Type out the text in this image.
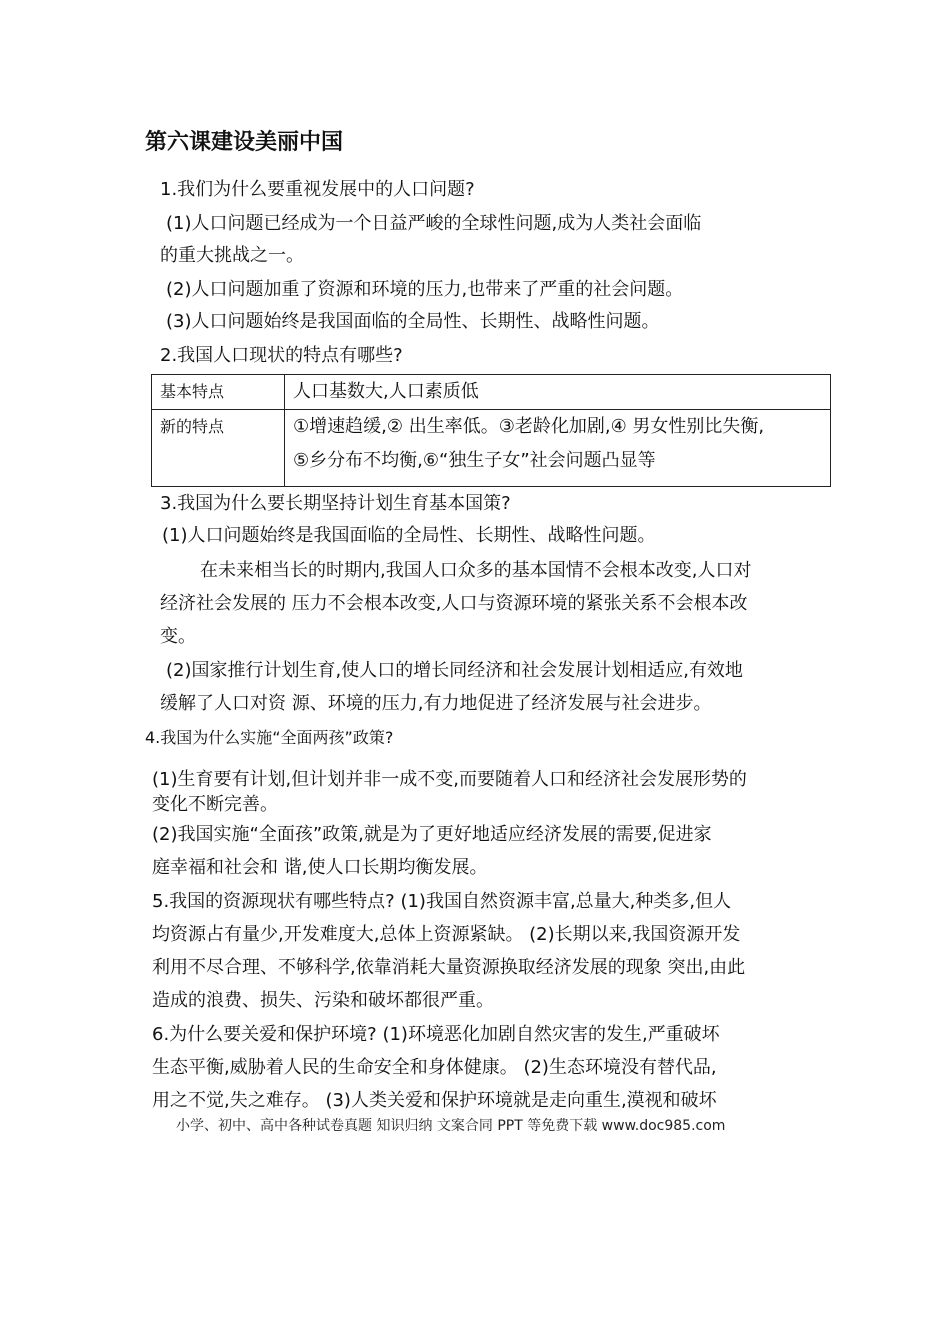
第六课建设美丽中国
1.我们为什么要重视发展中的人口问题?
(1)人口问题已经成为一个日益严峻的全球性问题,成为人类社会面临
的重大挑战之一。
(2)人口问题加重了资源和环境的压力,也带来了严重的社会问题。
(3)人口问题始终是我国面临的全局性、长期性、战略性问题。
2.我国人口现状的特点有哪些?
基本特点	人口基数大,人口素质低
新的特点	①增速趋缓,② 出生率低。③老龄化加剧,④ 男女性别比失衡,
⑤乡分布不均衡,⑥“独生子女”社会问题凸显等
3.我国为什么要长期坚持计划生育基本国策?
(1)人口问题始终是我国面临的全局性、长期性、战略性问题。
在未来相当长的时期内,我国人口众多的基本国情不会根本改变,人口对
经济社会发展的 压力不会根本改变,人口与资源环境的紧张关系不会根本改
变。
(2)国家推行计划生育,使人口的增长同经济和社会发展计划相适应,有效地
缓解了人口对资 源、环境的压力,有力地促进了经济发展与社会进步。
4.我国为什么实施“全面两孩”政策?
(1)生育要有计划,但计划并非一成不变,而要随着人口和经济社会发展形势的
变化不断完善。
(2)我国实施“全面孩”政策,就是为了更好地适应经济发展的需要,促进家
庭幸福和社会和 谐,使人口长期均衡发展。
5.我国的资源现状有哪些特点? (1)我国自然资源丰富,总量大,种类多,但人
均资源占有量少,开发难度大,总体上资源紧缺。 (2)长期以来,我国资源开发
利用不尽合理、不够科学,依靠消耗大量资源换取经济发展的现象 突出,由此
造成的浪费、损失、污染和破坏都很严重。
6.为什么要关爱和保护环境? (1)环境恶化加剧自然灾害的发生,严重破坏
生态平衡,威胁着人民的生命安全和身体健康。 (2)生态环境没有替代品,
用之不觉,失之难存。 (3)人类关爱和保护环境就是走向重生,漠视和破坏
小学、初中、高中各种试卷真题 知识归纳 文案合同 PPT 等免费下载 www.doc985.com
